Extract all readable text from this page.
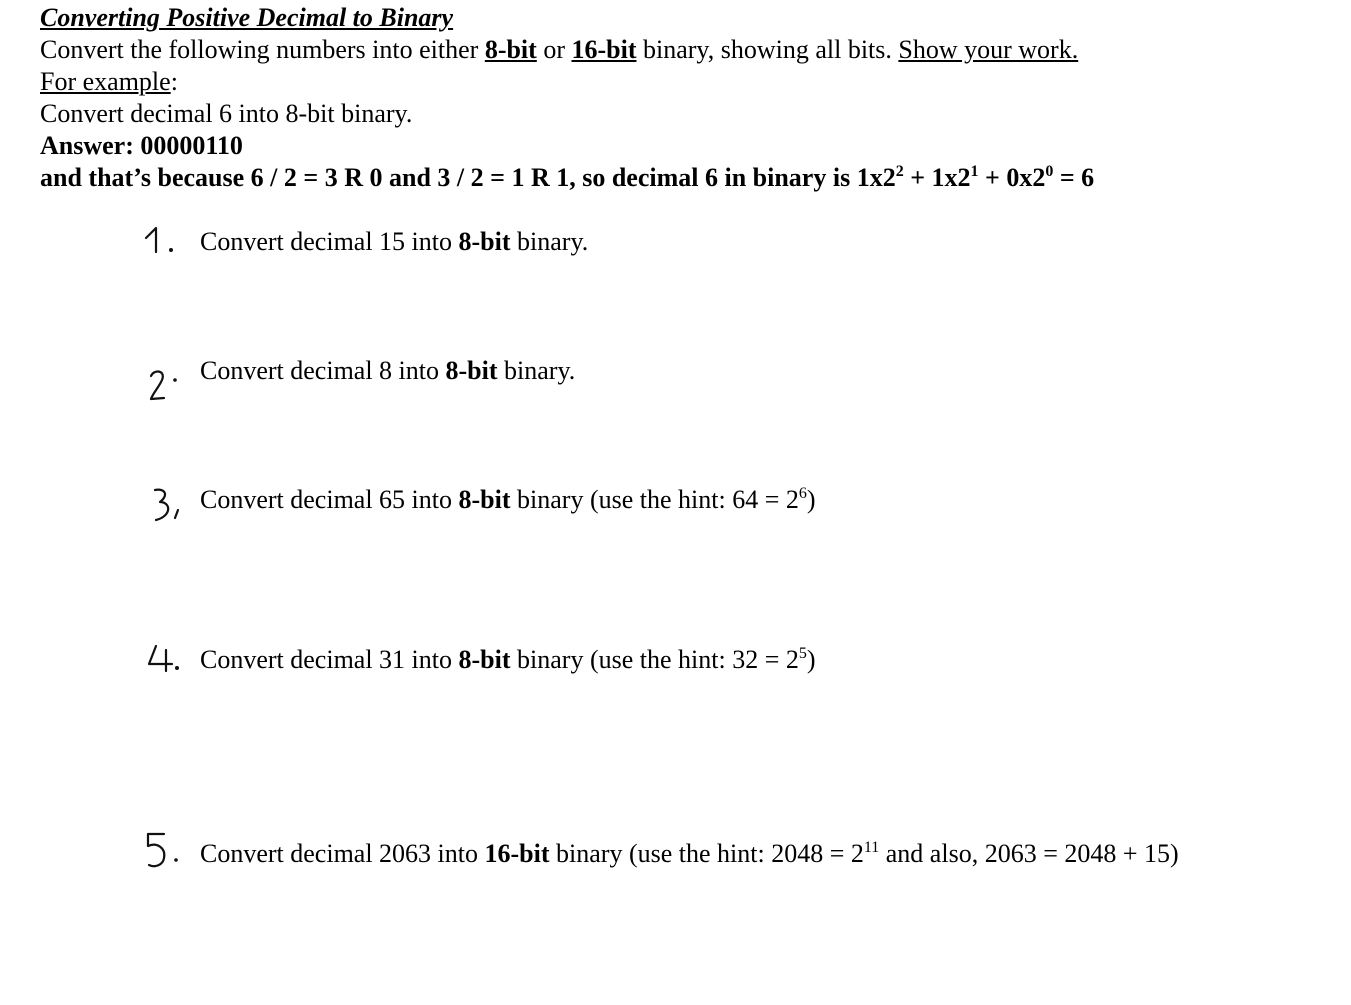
Converting Positive Decimal to Binary
Convert the following numbers into either 8-bit or 16-bit binary, showing all bits. Show your work.
For example:
Convert decimal 6 into 8-bit binary.
Answer: 00000110
and that’s because 6 / 2 = 3 R 0 and 3 / 2 = 1 R 1, so decimal 6 in binary is $1x2^2 + 1x2^1 + 0x2^0 = 6$
Convert decimal 15 into 8-bit binary.
Convert decimal 8 into 8-bit binary.
Convert decimal 65 into 8-bit binary (use the hint: $64 = 2^6$)
Convert decimal 31 into 8-bit binary (use the hint: $32 = 2^5$)
Convert decimal 2063 into 16-bit binary (use the hint: $2048 = 2^{11}$ and also, 2063 = 2048 + 15)
